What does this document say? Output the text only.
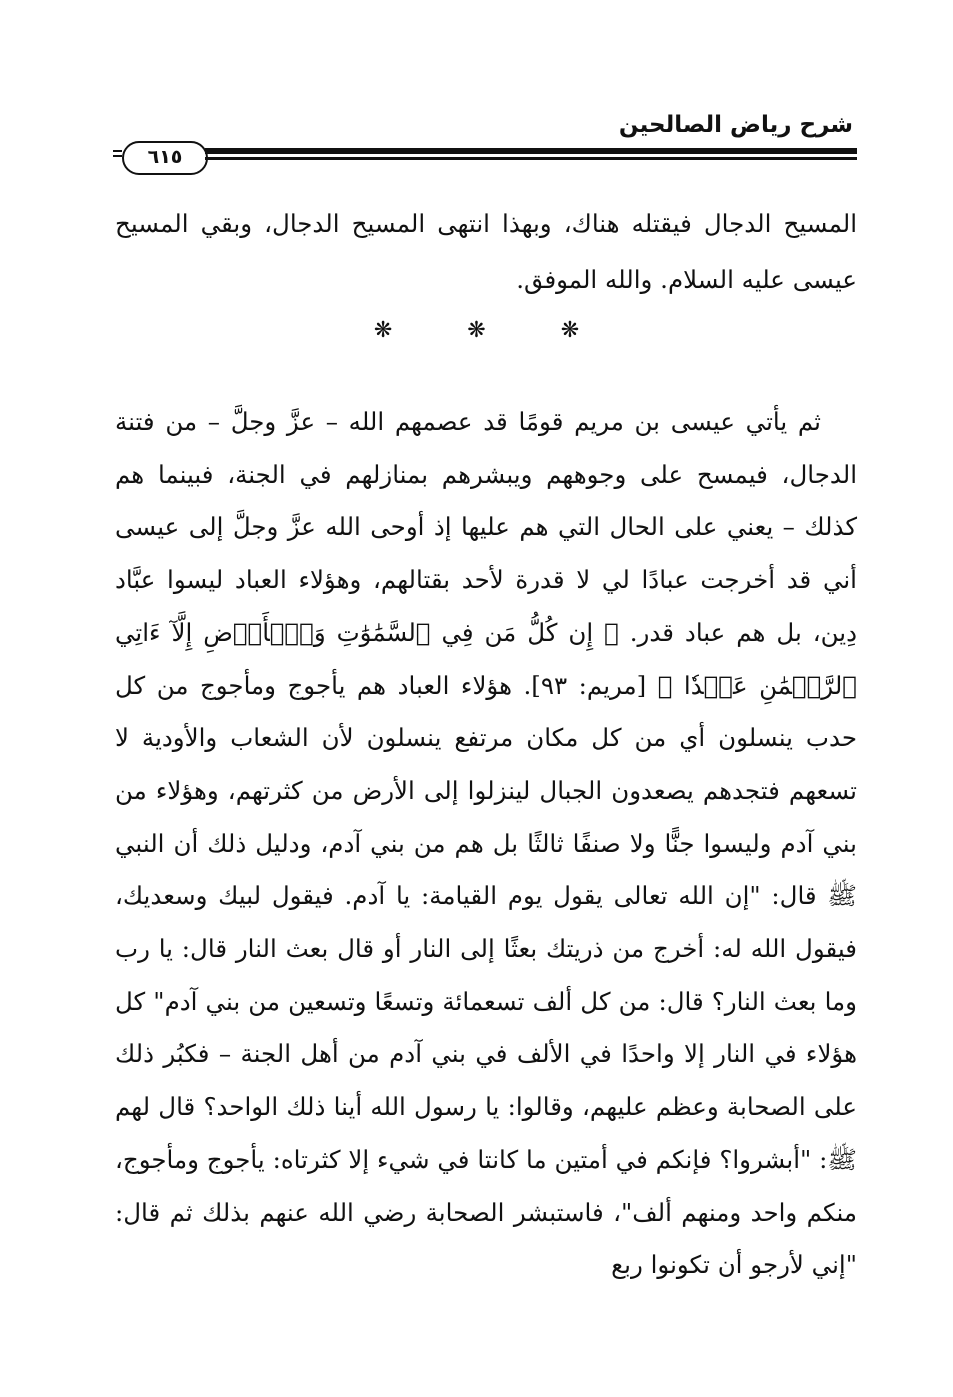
شرح رياض الصالحين
٦١٥

المسيح الدجال فيقتله هناك، وبهذا انتهى المسيح الدجال، وبقي المسيح عيسى عليه السلام. والله الموفق.

❋ ❋ ❋

ثم يأتي عيسى بن مريم قومًا قد عصمهم الله – عزَّ وجلَّ – من فتنة الدجال، فيمسح على وجوههم ويبشرهم بمنازلهم في الجنة، فبينما هم كذلك – يعني على الحال التي هم عليها إذ أوحى الله عزَّ وجلَّ إلى عيسى أني قد أخرجت عبادًا لي لا قدرة لأحد بقتالهم، وهؤلاء العباد ليسوا عبَّاد دِين، بل هم عباد قدر. ﴿ إِن كُلُّ مَن فِي ٱلسَّمَٰوَٰتِ وَٱلۡأَرۡضِ إِلَّآ ءَاتِي ٱلرَّحۡمَٰنِ عَبۡدٗا ﴾ [مريم: ٩٣]. هؤلاء العباد هم يأجوج ومأجوج من كل حدب ينسلون أي من كل مكان مرتفع ينسلون لأن الشعاب والأودية لا تسعهم فتجدهم يصعدون الجبال لينزلوا إلى الأرض من كثرتهم، وهؤلاء من بني آدم وليسوا جنًّا ولا صنفًا ثالثًا بل هم من بني آدم، ودليل ذلك أن النبي ﷺ قال: "إن الله تعالى يقول يوم القيامة: يا آدم. فيقول لبيك وسعديك، فيقول الله له: أخرج من ذريتك بعثًا إلى النار أو قال بعث النار قال: يا رب وما بعث النار؟ قال: من كل ألف تسعمائة وتسعًا وتسعين من بني آدم" كل هؤلاء في النار إلا واحدًا في الألف في بني آدم من أهل الجنة – فكبُر ذلك على الصحابة وعظم عليهم، وقالوا: يا رسول الله أينا ذلك الواحد؟ قال لهم ﷺ: "أبشروا؟ فإنكم في أمتين ما كانتا في شيء إلا كثرتاه: يأجوج ومأجوج، منكم واحد ومنهم ألف"، فاستبشر الصحابة رضي الله عنهم بذلك ثم قال: "إني لأرجو أن تكونوا ربع
